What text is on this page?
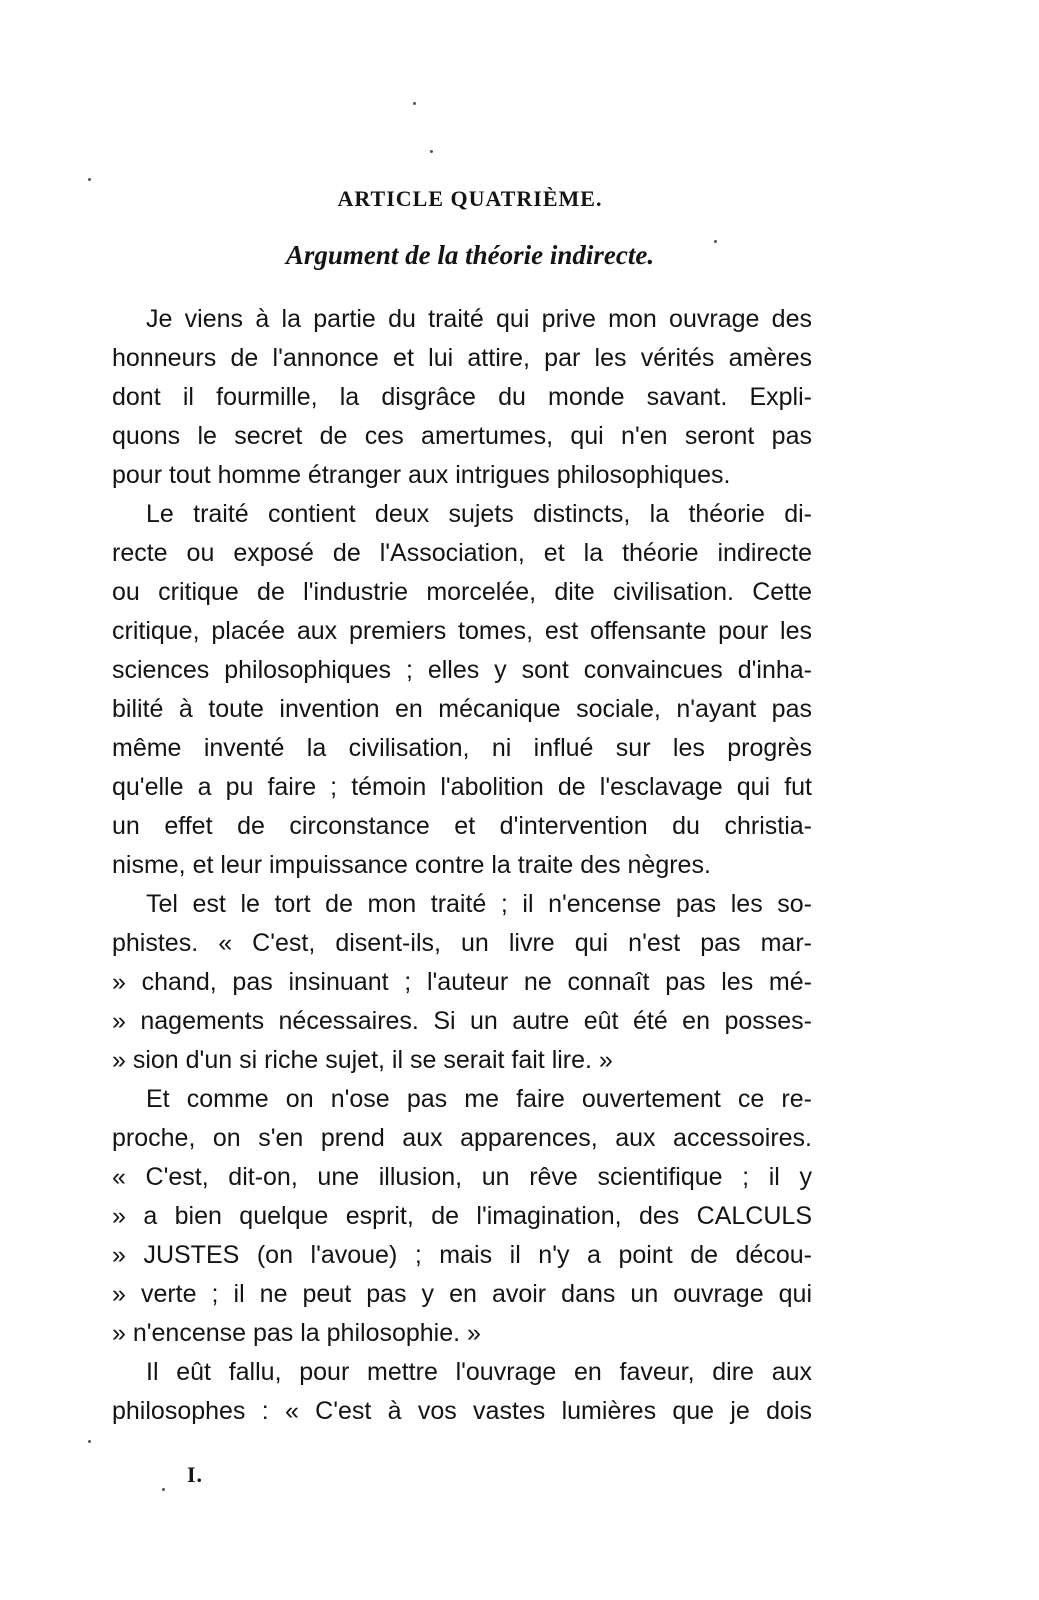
ARTICLE QUATRIÈME.
Argument de la théorie indirecte.
Je viens à la partie du traité qui prive mon ouvrage des
honneurs de l'annonce et lui attire, par les vérités amères
dont il fourmille, la disgrâce du monde savant. Expli-
quons le secret de ces amertumes, qui n'en seront pas
pour tout homme étranger aux intrigues philosophiques.
Le traité contient deux sujets distincts, la théorie di-
recte ou exposé de l'Association, et la théorie indirecte
ou critique de l'industrie morcelée, dite civilisation. Cette
critique, placée aux premiers tomes, est offensante pour les
sciences philosophiques ; elles y sont convaincues d'inha-
bilité à toute invention en mécanique sociale, n'ayant pas
même inventé la civilisation, ni influé sur les progrès
qu'elle a pu faire ; témoin l'abolition de l'esclavage qui fut
un effet de circonstance et d'intervention du christia-
nisme, et leur impuissance contre la traite des nègres.
Tel est le tort de mon traité ; il n'encense pas les so-
phistes. « C'est, disent-ils, un livre qui n'est pas mar-
» chand, pas insinuant ; l'auteur ne connaît pas les mé-
» nagements nécessaires. Si un autre eût été en posses-
» sion d'un si riche sujet, il se serait fait lire. »
Et comme on n'ose pas me faire ouvertement ce re-
proche, on s'en prend aux apparences, aux accessoires.
« C'est, dit-on, une illusion, un rêve scientifique ; il y
» a bien quelque esprit, de l'imagination, des CALCULS
» JUSTES (on l'avoue) ; mais il n'y a point de décou-
» verte ; il ne peut pas y en avoir dans un ouvrage qui
» n'encense pas la philosophie. »
Il eût fallu, pour mettre l'ouvrage en faveur, dire aux
philosophes : « C'est à vos vastes lumières que je dois
I.
